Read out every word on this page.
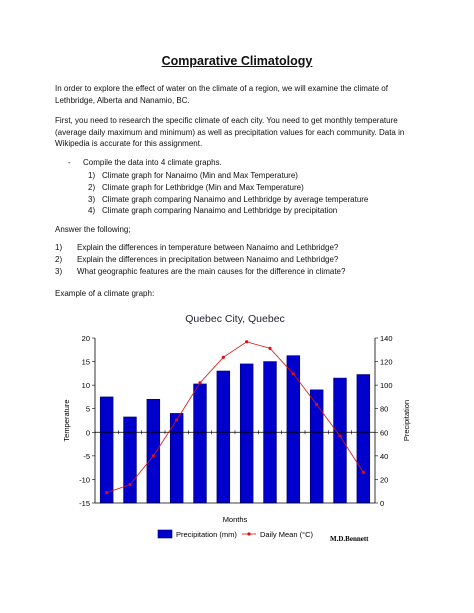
Comparative Climatology
In order to explore the effect of water on the climate of a region, we will examine the climate of Lethbridge, Alberta and Nanamio, BC.
First, you need to research the specific climate of each city. You need to get monthly temperature (average daily maximum and minimum) as well as precipitation values for each community. Data in Wikipedia is accurate for this assignment.
- Compile the data into 4 climate graphs.
1) Climate graph for Nanaimo (Min and Max Temperature)
2) Climate graph for Lethbridge (Min and Max Temperature)
3) Climate graph comparing Nanaimo and Lethbridge by average temperature
4) Climate graph comparing Nanaimo and Lethbridge by precipitation
Answer the following;
1) Explain the differences in temperature between Nanaimo and Lethbridge?
2) Explain the differences in precipitation between Nanaimo and Lethbridge?
3) What geographic features are the main causes for the difference in climate?
Example of a climate graph:
Quebec City, Quebec
20
15
10
5
0
-5
-10
-15
140
120
100
80
60
40
20
0
Temperature	Precipitation
Months
Precipitation (mm)	Daily Mean (°C) M.D.Bennett
